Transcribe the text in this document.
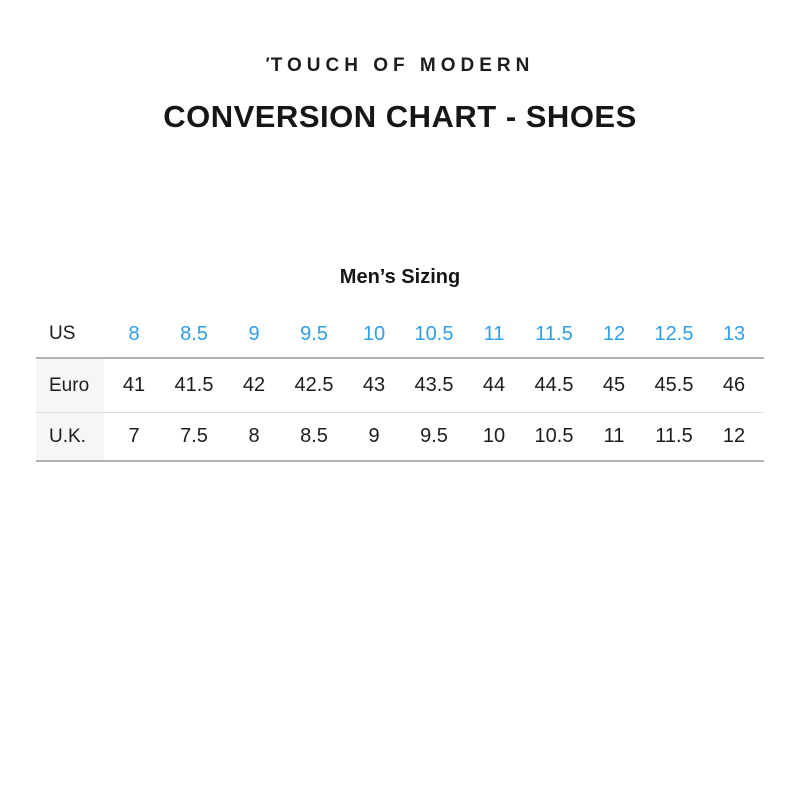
′TOUCH OF MODERN
CONVERSION CHART - SHOES
Men’s Sizing
US	8	8.5	9	9.5	10	10.5	11	11.5	12	12.5	13
Euro	41	41.5	42	42.5	43	43.5	44	44.5	45	45.5	46
U.K.	7	7.5	8	8.5	9	9.5	10	10.5	11	11.5	12
